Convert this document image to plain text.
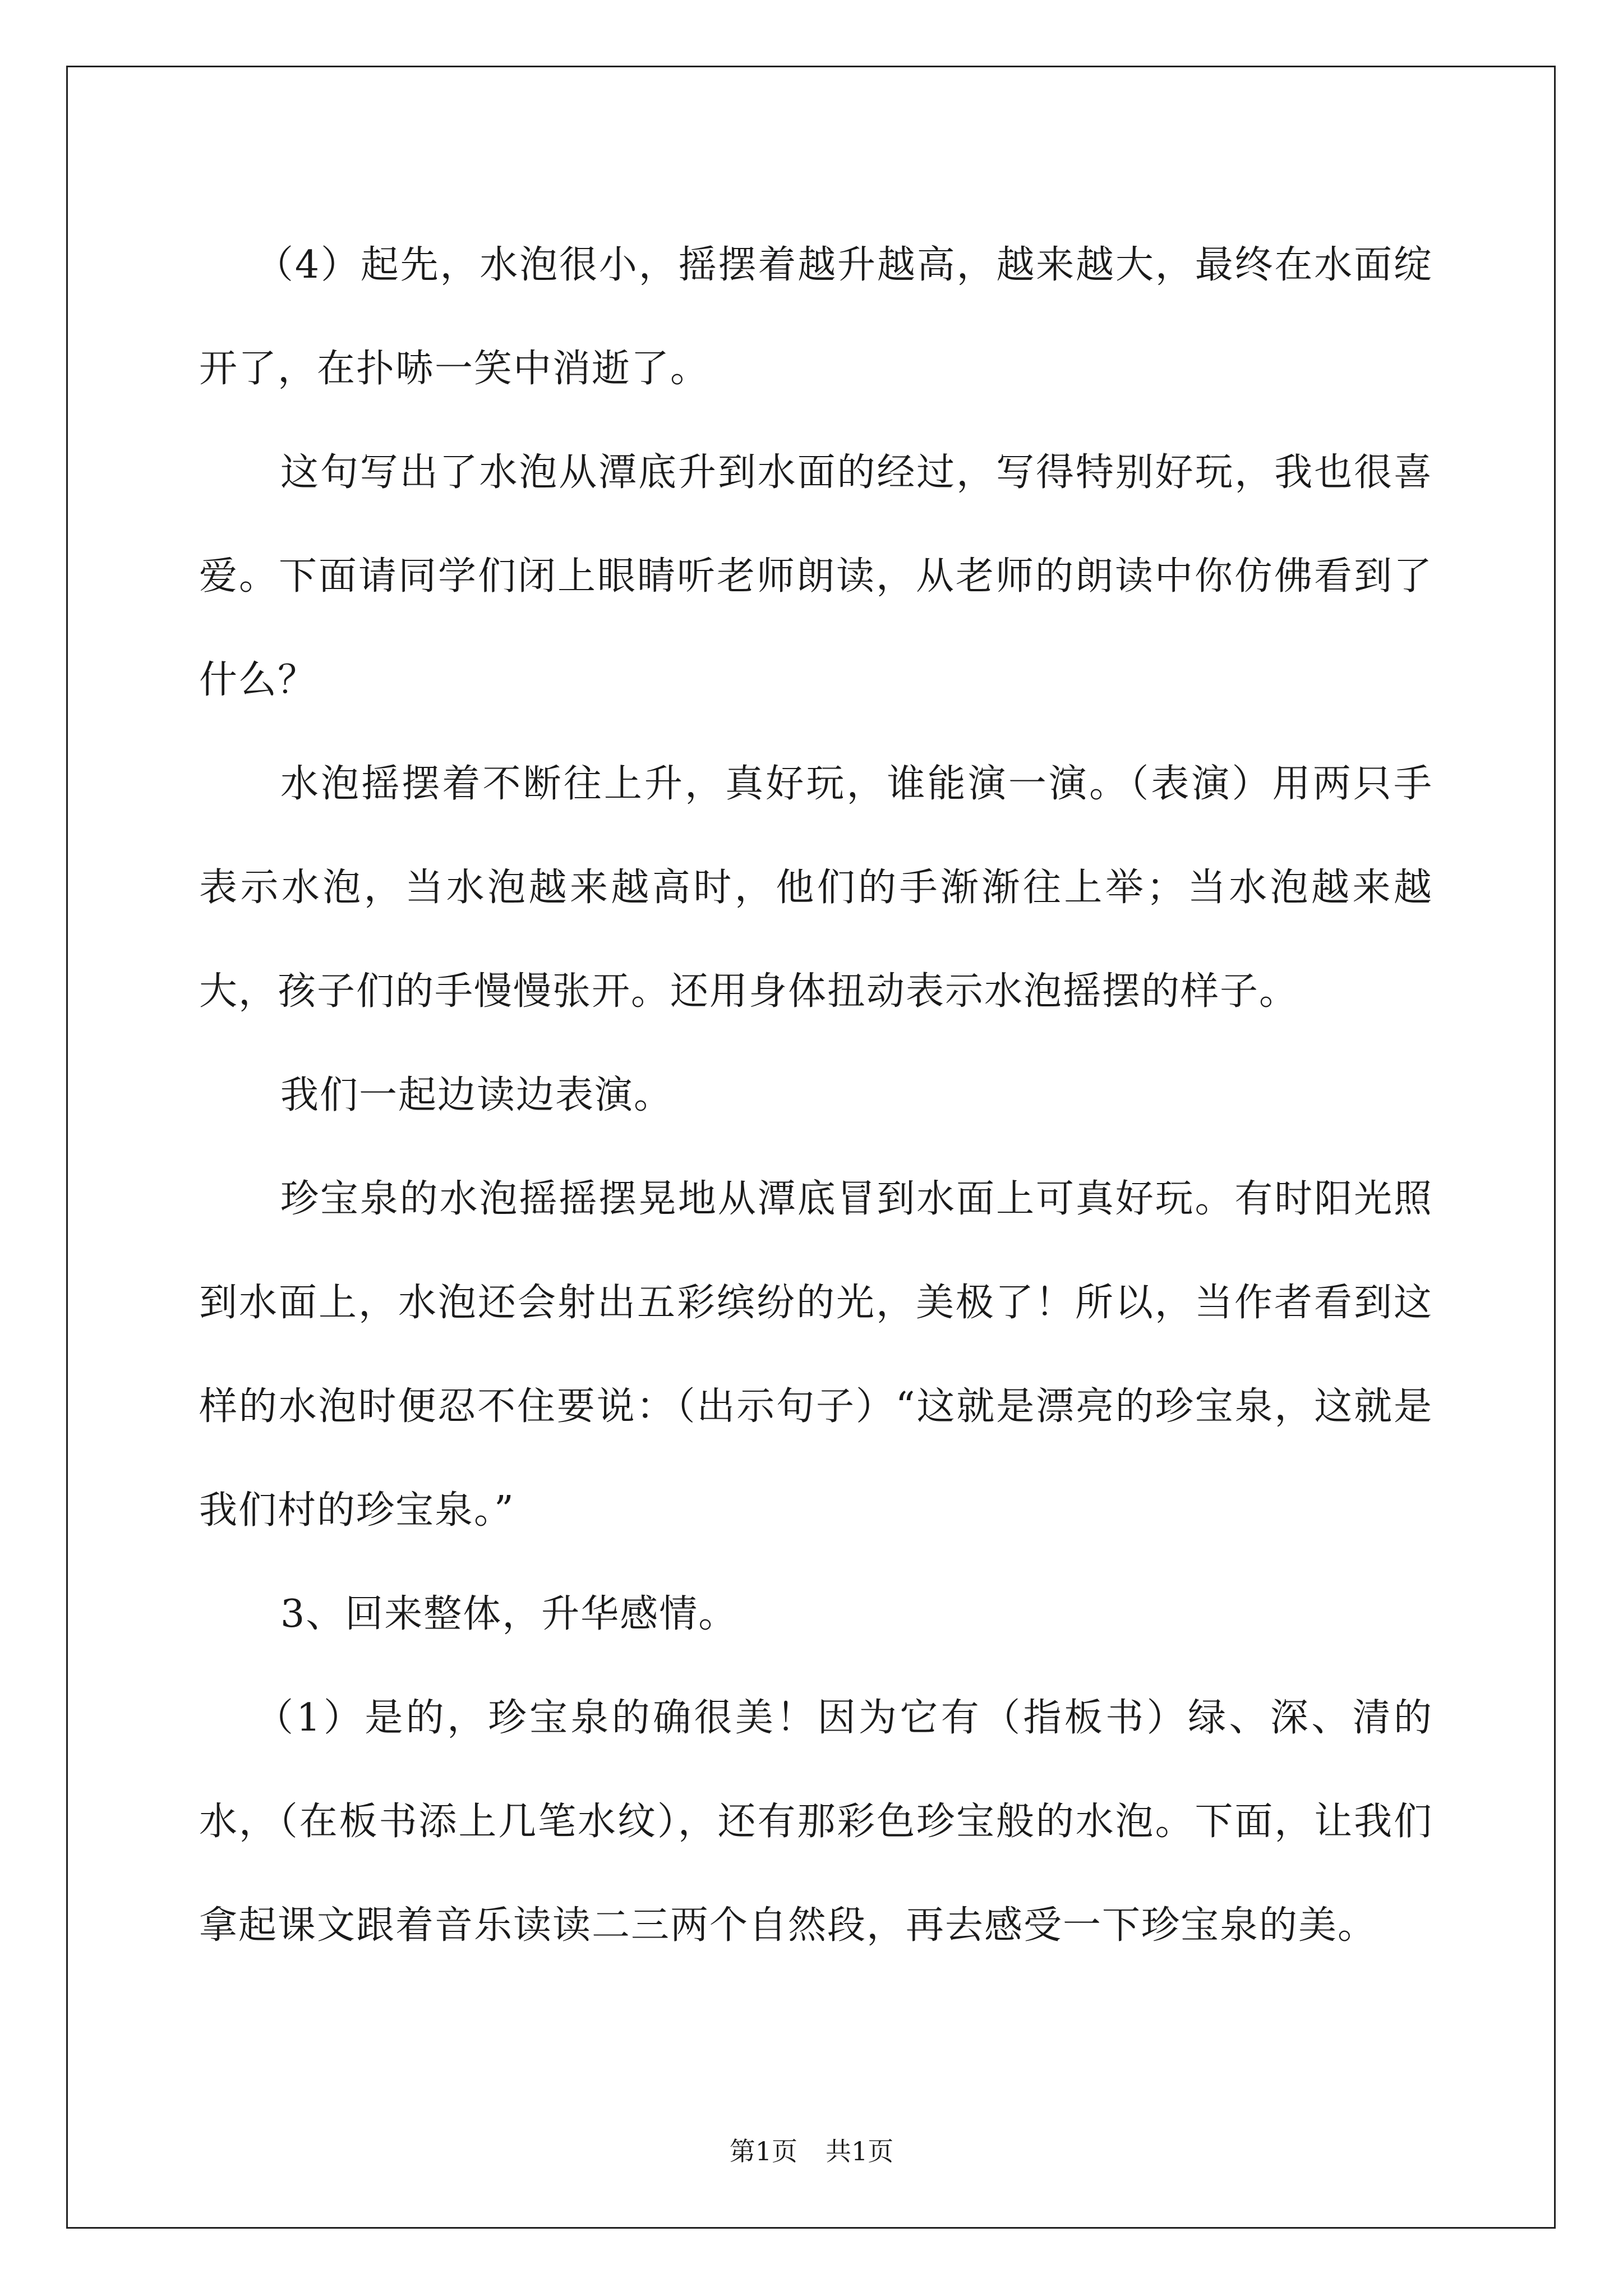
（4）起先，水泡很小，摇摆着越升越高，越来越大，最终在水面绽开了，在扑哧一笑中消逝了。

这句写出了水泡从潭底升到水面的经过，写得特别好玩，我也很喜爱。下面请同学们闭上眼睛听老师朗读，从老师的朗读中你仿佛看到了什么？

水泡摇摆着不断往上升，真好玩，谁能演一演。（表演）用两只手表示水泡，当水泡越来越高时，他们的手渐渐往上举；当水泡越来越大，孩子们的手慢慢张开。还用身体扭动表示水泡摇摆的样子。

我们一起边读边表演。

珍宝泉的水泡摇摇摆晃地从潭底冒到水面上可真好玩。有时阳光照到水面上，水泡还会射出五彩缤纷的光，美极了！所以，当作者看到这样的水泡时便忍不住要说：（出示句子）“这就是漂亮的珍宝泉，这就是我们村的珍宝泉。”

3、回来整体，升华感情。

（1）是的，珍宝泉的确很美！因为它有（指板书）绿、深、清的水，（在板书添上几笔水纹），还有那彩色珍宝般的水泡。下面，让我们拿起课文跟着音乐读读二三两个自然段，再去感受一下珍宝泉的美。

第1页 共1页
